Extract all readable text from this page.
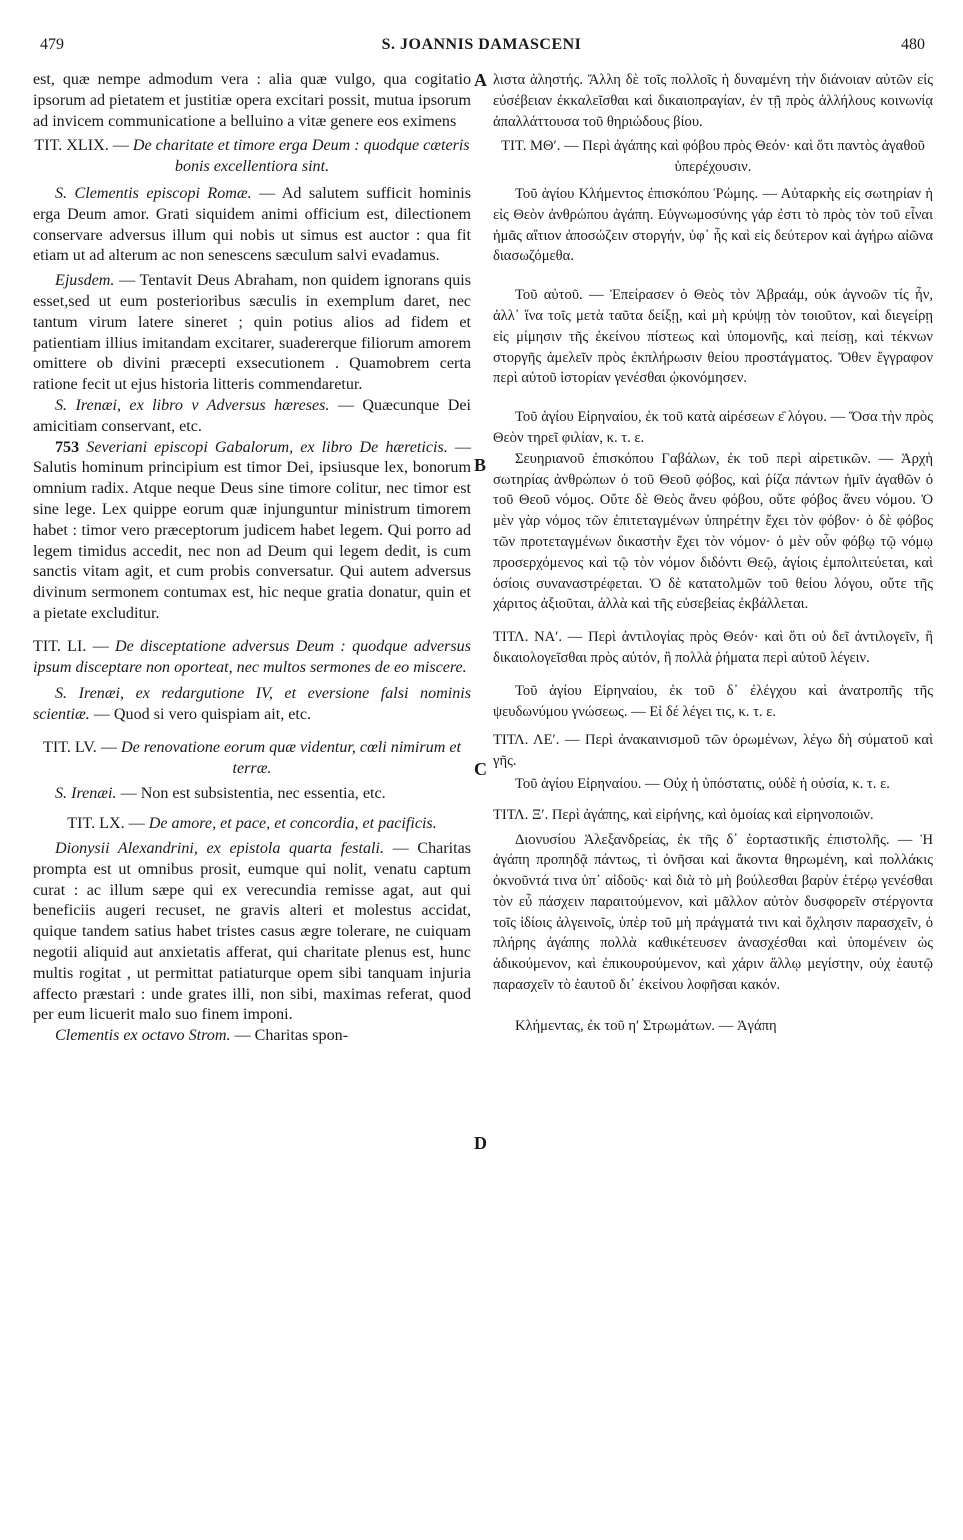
479	S. JOANNIS DAMASCENI	480
A
B
C
D

est, quæ nempe admodum vera : alia quæ vulgo, qua cogitatio ipsorum ad pietatem et justitiæ opera excitari possit, mutua ipsorum ad invicem communicatione a belluino a vitæ genere eos eximens

TIT. XLIX. — De charitate et timore erga Deum : quodque cæteris bonis excellentiora sint.

S. Clementis episcopi Romæ. — Ad salutem sufficit hominis erga Deum amor. Grati siquidem animi officium est, dilectionem conservare adversus illum qui nobis ut simus est auctor : qua fit etiam ut ad alterum ac non senescens sæculum salvi evadamus.

Ejusdem. — Tentavit Deus Abraham, non quidem ignorans quis esset,sed ut eum posterioribus sæculis in exemplum daret, nec tantum virum latere sineret ; quin potius alios ad fidem et patientiam illius imitandam excitarer, suadererque filiorum amorem omittere ob divini præcepti exsecutionem . Quamobrem certa ratione fecit ut ejus historia litteris commendaretur.

S. Irenæi, ex libro v Adversus hæreses. — Quæcunque Dei amicitiam conservant, etc.

753 Severiani episcopi Gabalorum, ex libro De hæreticis. — Salutis hominum principium est timor Dei, ipsiusque lex, bonorum omnium radix. Atque neque Deus sine timore colitur, nec timor est sine lege. Lex quippe eorum quæ injunguntur ministrum timorem habet : timor vero præceptorum judicem habet legem. Qui porro ad legem timidus accedit, nec non ad Deum qui legem dedit, is cum sanctis vitam agit, et cum probis conversatur. Qui autem adversus divinum sermonem contumax est, hic neque gratia donatur, quin et a pietate excluditur.

TIT. LI. — De disceptatione adversus Deum : quodque adversus ipsum disceptare non oporteat, nec multos sermones de eo miscere.

S. Irenæi, ex redargutione IV, et eversione falsi nominis scientiæ. — Quod si vero quispiam ait, etc.

TIT. LV. — De renovatione eorum quæ videntur, cœli nimirum et terræ.

S. Irenæi. — Non est subsistentia, nec essentia, etc.

TIT. LX. — De amore, et pace, et concordia, et pacificis.

Dionysii Alexandrini, ex epistola quarta festali. — Charitas prompta est ut omnibus prosit, eumque qui nolit, venatu captum curat : ac illum sæpe qui ex verecundia remisse agat, aut qui beneficiis augeri recuset, ne gravis alteri et molestus accidat, quique tandem satius habet tristes casus ægre tolerare, ne cuiquam negotii aliquid aut anxietatis afferat, qui charitate plenus est, hunc multis rogitat , ut permittat patiaturque opem sibi tanquam injuria affecto præstari : unde grates illi, non sibi, maximas referat, quod per eum licuerit malo suo finem imponi.

Clementis ex octavo Strom. — Charitas spon-

λιστα ἀληστής. Ἄλλη δὲ τοῖς πολλοῖς ἡ δυναμένη τὴν διάνοιαν αὐτῶν εἰς εὐσέβειαν ἐκκαλεῖσθαι καὶ δικαιοπραγίαν, ἐν τῇ πρὸς ἀλλήλους κοινωνίᾳ ἀπαλλάττουσα τοῦ θηριώδους βίου.

ΤΙΤ. ΜΘʹ. — Περὶ ἀγάπης καὶ φόβου πρὸς Θεόν· καὶ ὅτι παντὸς ἀγαθοῦ ὑπερέχουσιν.

Τοῦ ἁγίου Κλήμεντος ἐπισκόπου Ῥώμης. — Αὐταρκὴς εἰς σωτηρίαν ἡ εἰς Θεὸν ἀνθρώπου ἀγάπη. Εὐγνωμοσύνης γάρ ἐστι τὸ πρὸς τὸν τοῦ εἶναι ἡμᾶς αἴτιον ἀποσώζειν στοργήν, ὑφ᾽ ἧς καὶ εἰς δεύτερον καὶ ἀγήρω αἰῶνα διασωζόμεθα.

Τοῦ αὐτοῦ. — Ἐπείρασεν ὁ Θεὸς τὸν Ἀβραάμ, οὐκ ἀγνοῶν τίς ἦν, ἀλλ᾽ ἵνα τοῖς μετὰ ταῦτα δείξῃ, καὶ μὴ κρύψῃ τὸν τοιοῦτον, καὶ διεγείρῃ εἰς μίμησιν τῆς ἐκείνου πίστεως καὶ ὑπομονῆς, καὶ πείσῃ, καὶ τέκνων στοργῆς ἀμελεῖν πρὸς ἐκπλήρωσιν θείου προστάγματος. Ὅθεν ἔγγραφον περὶ αὐτοῦ ἱστορίαν γενέσθαι ᾠκονόμησεν.

Τοῦ ἁγίου Εἰρηναίου, ἐκ τοῦ κατὰ αἱρέσεων ε̄ λόγου. — Ὅσα τὴν πρὸς Θεὸν τηρεῖ φιλίαν, κ. τ. ε.

Σευηριανοῦ ἐπισκόπου Γαβάλων, ἐκ τοῦ περὶ αἱρετικῶν. — Ἀρχὴ σωτηρίας ἀνθρώπων ὁ τοῦ Θεοῦ φόβος, καὶ ῥίζα πάντων ἡμῖν ἀγαθῶν ὁ τοῦ Θεοῦ νόμος. Οὔτε δὲ Θεὸς ἄνευ φόβου, οὔτε φόβος ἄνευ νόμου. Ὁ μὲν γὰρ νόμος τῶν ἐπιτεταγμένων ὑπηρέτην ἔχει τὸν φόβον· ὁ δὲ φόβος τῶν προτεταγμένων δικαστὴν ἔχει τὸν νόμον· ὁ μὲν οὖν φόβῳ τῷ νόμῳ προσερχόμενος καὶ τῷ τὸν νόμον διδόντι Θεῷ, ἁγίοις ἐμπολιτεύεται, καὶ ὁσίοις συναναστρέφεται. Ὁ δὲ κατατολμῶν τοῦ θείου λόγου, οὔτε τῆς χάριτος ἀξιοῦται, ἀλλὰ καὶ τῆς εὐσεβείας ἐκβάλλεται.

ΤΙΤΛ. ΝΑʹ. — Περὶ ἀντιλογίας πρὸς Θεόν· καὶ ὅτι οὐ δεῖ ἀντιλογεῖν, ἢ δικαιολογεῖσθαι πρὸς αὐτόν, ἢ πολλὰ ῥήματα περὶ αὐτοῦ λέγειν.

Τοῦ ἁγίου Εἰρηναίου, ἐκ τοῦ δ᾽ ἐλέγχου καὶ ἀνατροπῆς τῆς ψευδωνύμου γνώσεως. — Εἰ δέ λέγει τις, κ. τ. ε.

ΤΙΤΛ. ΛΕʹ. — Περὶ ἀνακαινισμοῦ τῶν ὁρωμένων, λέγω δὴ σύματοῦ καὶ γῆς.

Τοῦ ἁγίου Εἰρηναίου. — Οὐχ ἡ ὑπόστατις, οὐδὲ ἡ οὐσία, κ. τ. ε.

ΤΙΤΛ. Ξʹ. Περὶ ἀγάπης, καὶ εἰρήνης, καὶ ὁμοίας καὶ εἰρηνοποιῶν.

Διονυσίου Ἀλεξανδρείας, ἐκ τῆς δ᾽ ἑορταστικῆς ἐπιστολῆς. — Ἡ ἀγάπη προπηδᾷ πάντως, τὶ ὀνῆσαι καὶ ἄκοντα θηρωμένη, καὶ πολλάκις ὀκνοῦντά τινα ὑπ᾽ αἰδοῦς· καὶ διὰ τὸ μὴ βούλεσθαι βαρὺν ἑτέρῳ γενέσθαι τὸν εὖ πάσχειν παραιτούμενον, καὶ μᾶλλον αὐτὸν δυσφορεῖν στέργοντα τοῖς ἰδίοις ἀλγεινοῖς, ὑπὲρ τοῦ μὴ πράγματά τινι καὶ ὄχλησιν παρασχεῖν, ὁ πλήρης ἀγάπης πολλὰ καθικέτευσεν ἀνασχέσθαι καὶ ὑπομένειν ὡς ἀδικούμενον, καὶ ἐπικουρούμενον, καὶ χάριν ἄλλῳ μεγίστην, οὐχ ἑαυτῷ παρασχεῖν τὸ ἑαυτοῦ δι᾽ ἐκείνου λοφῆσαι κακόν.

Κλήμεντας, ἐκ τοῦ ηʹ Στρωμάτων. — Ἀγάπη
